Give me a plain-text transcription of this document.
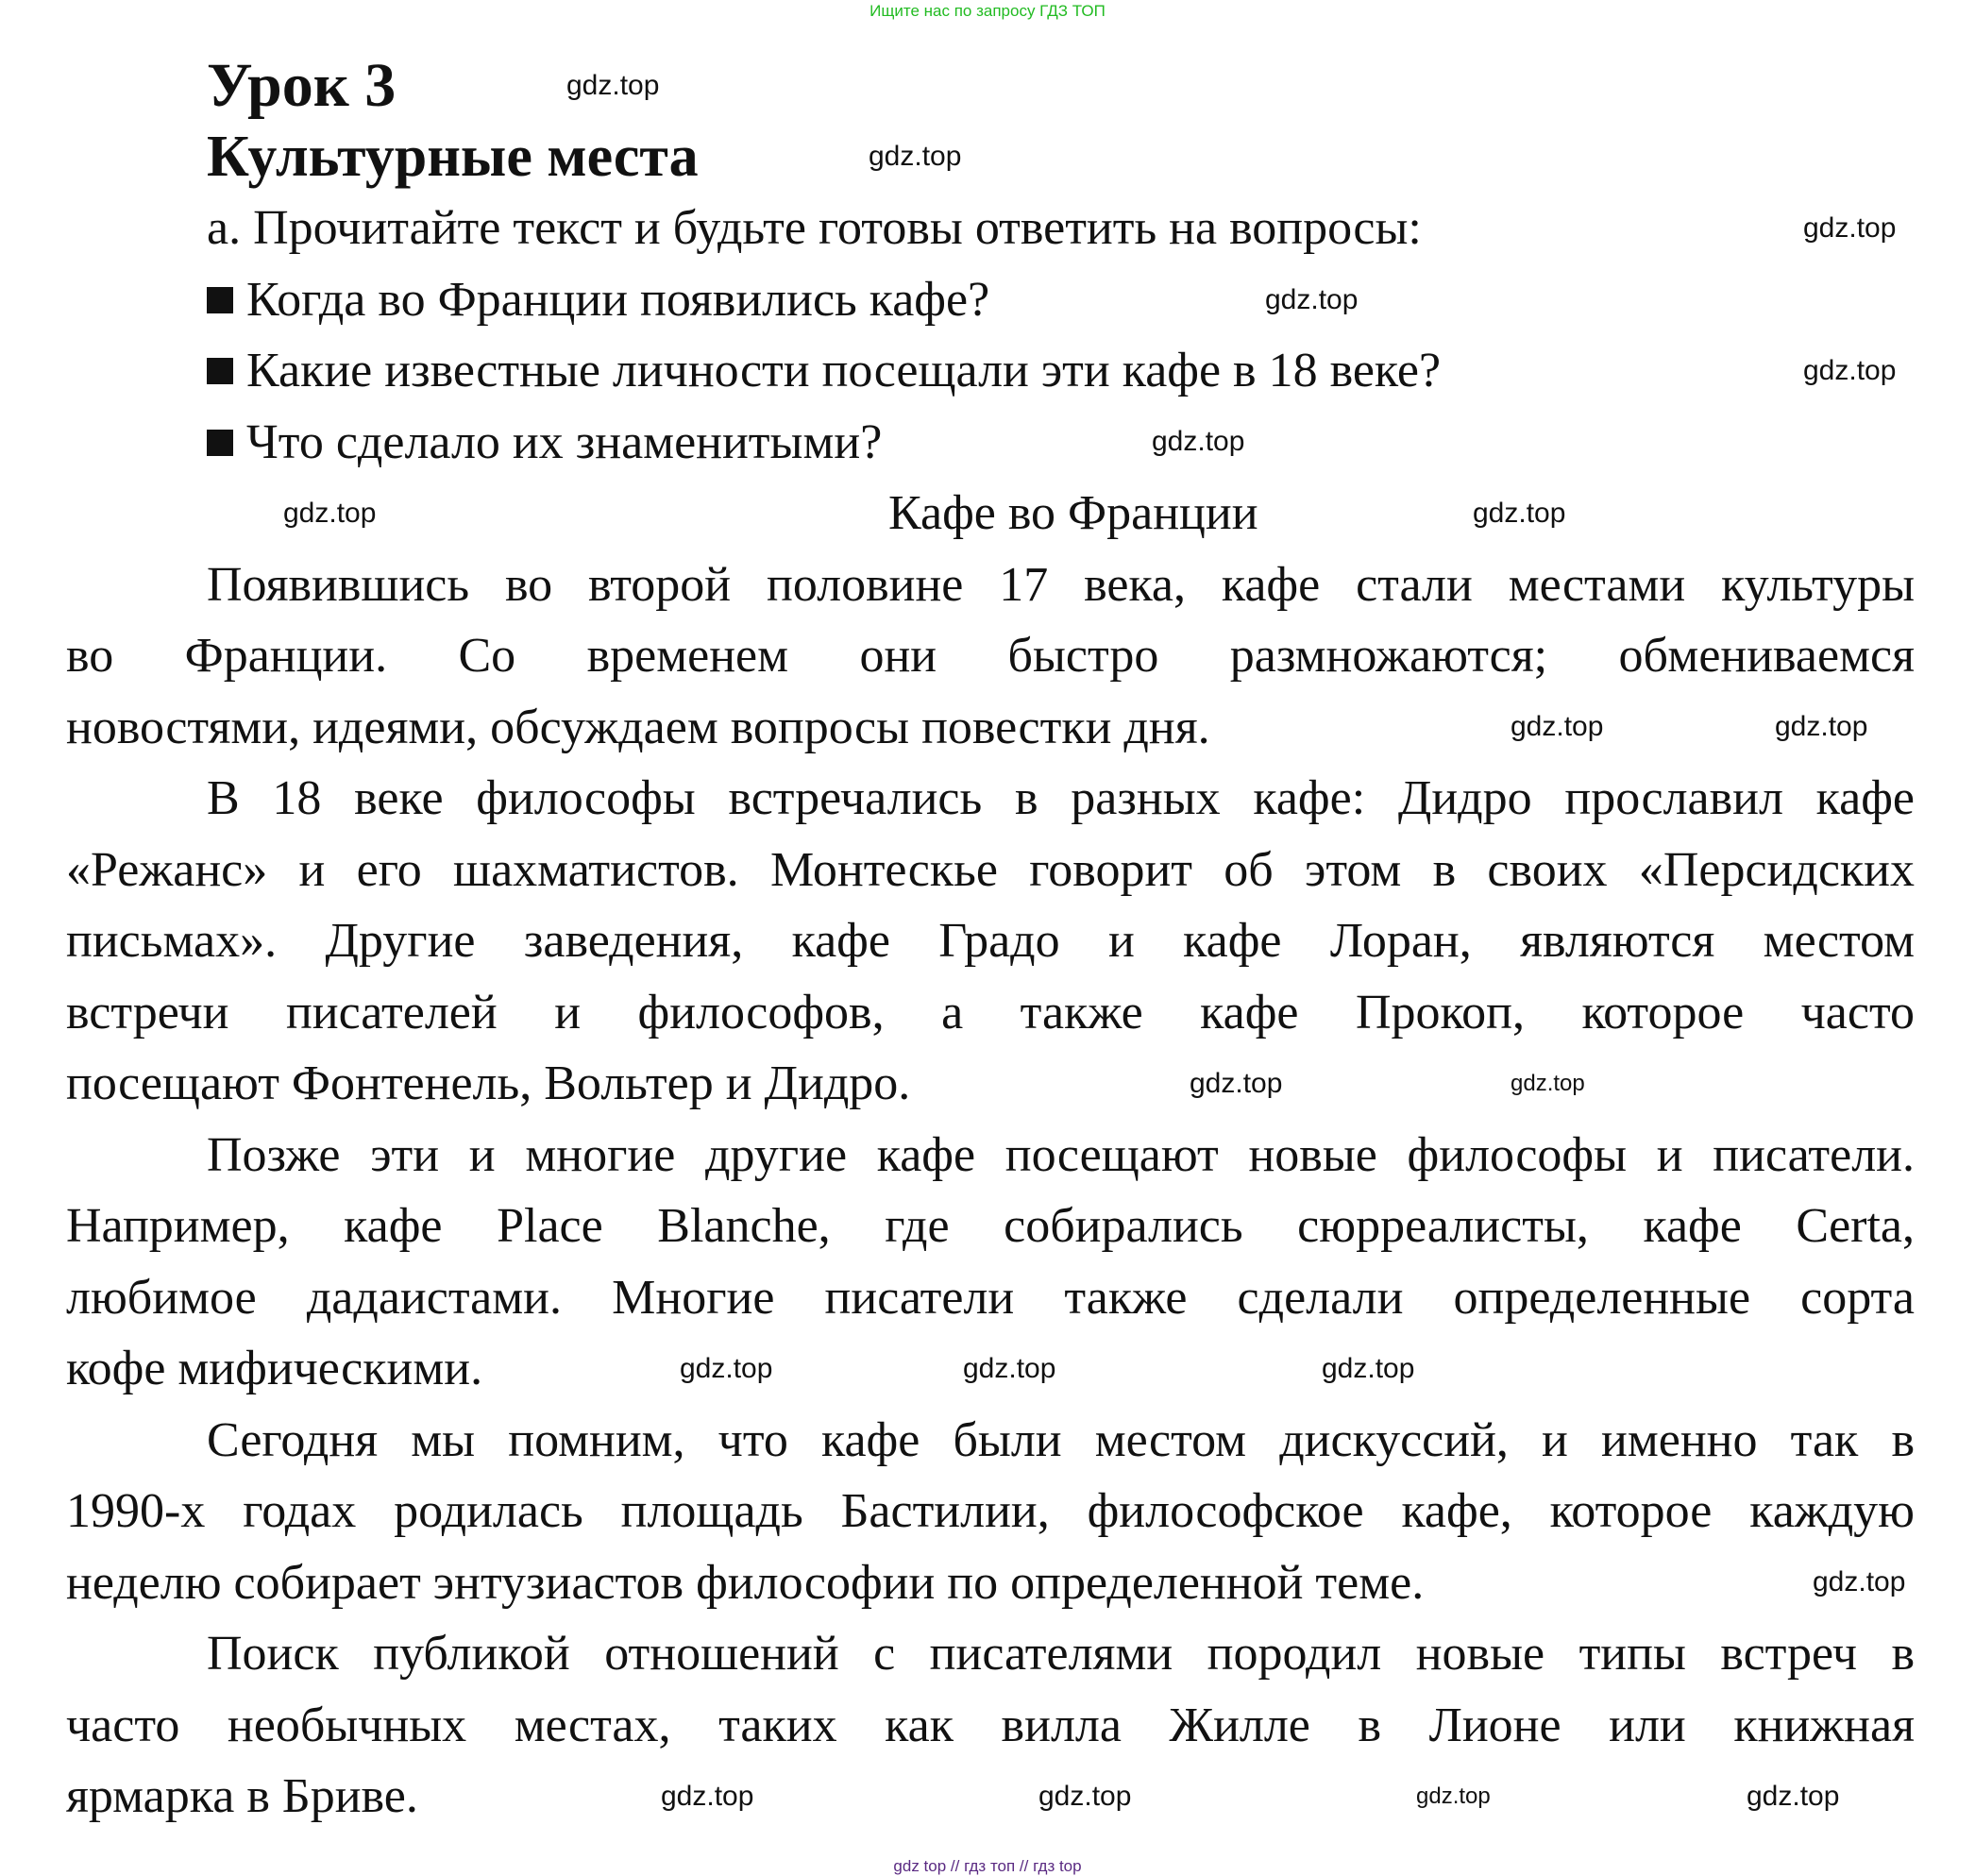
Ищите нас по запросу ГДЗ ТОП
Урок 3
Культурные места
a. Прочитайте текст и будьте готовы ответить на вопросы:
Когда во Франции появились кафе?
Какие известные личности посещали эти кафе в 18 веке?
Что сделало их знаменитыми?
Кафе во Франции
Появившись во второй половине 17 века, кафе стали местами культуры
во Франции. Со временем они быстро размножаются; обмениваемся
новостями, идеями, обсуждаем вопросы повестки дня.
В 18 веке философы встречались в разных кафе: Дидро прославил кафе
«Режанс» и его шахматистов. Монтескье говорит об этом в своих «Персидских
письмах». Другие заведения, кафе Градо и кафе Лоран, являются местом
встречи писателей и философов, а также кафе Прокоп, которое часто
посещают Фонтенель, Вольтер и Дидро.
Позже эти и многие другие кафе посещают новые философы и писатели.
Например, кафе Place Blanche, где собирались сюрреалисты, кафе Certa,
любимое дадаистами. Многие писатели также сделали определенные сорта
кофе мифическими.
Сегодня мы помним, что кафе были местом дискуссий, и именно так в
1990-х годах родилась площадь Бастилии, философское кафе, которое каждую
неделю собирает энтузиастов философии по определенной теме.
Поиск публикой отношений с писателями породил новые типы встреч в
часто необычных местах, таких как вилла Жилле в Лионе или книжная
ярмарка в Бриве.
gdz.top
gdz.top
gdz.top
gdz.top
gdz.top
gdz.top
gdz.top	gdz.top
gdz.top	gdz.top
gdz.top	gdz.top
gdz.top	gdz.top	gdz.top
gdz.top
gdz.top	gdz.top	gdz.top	gdz.top
gdz top // гдз топ // гдз top
